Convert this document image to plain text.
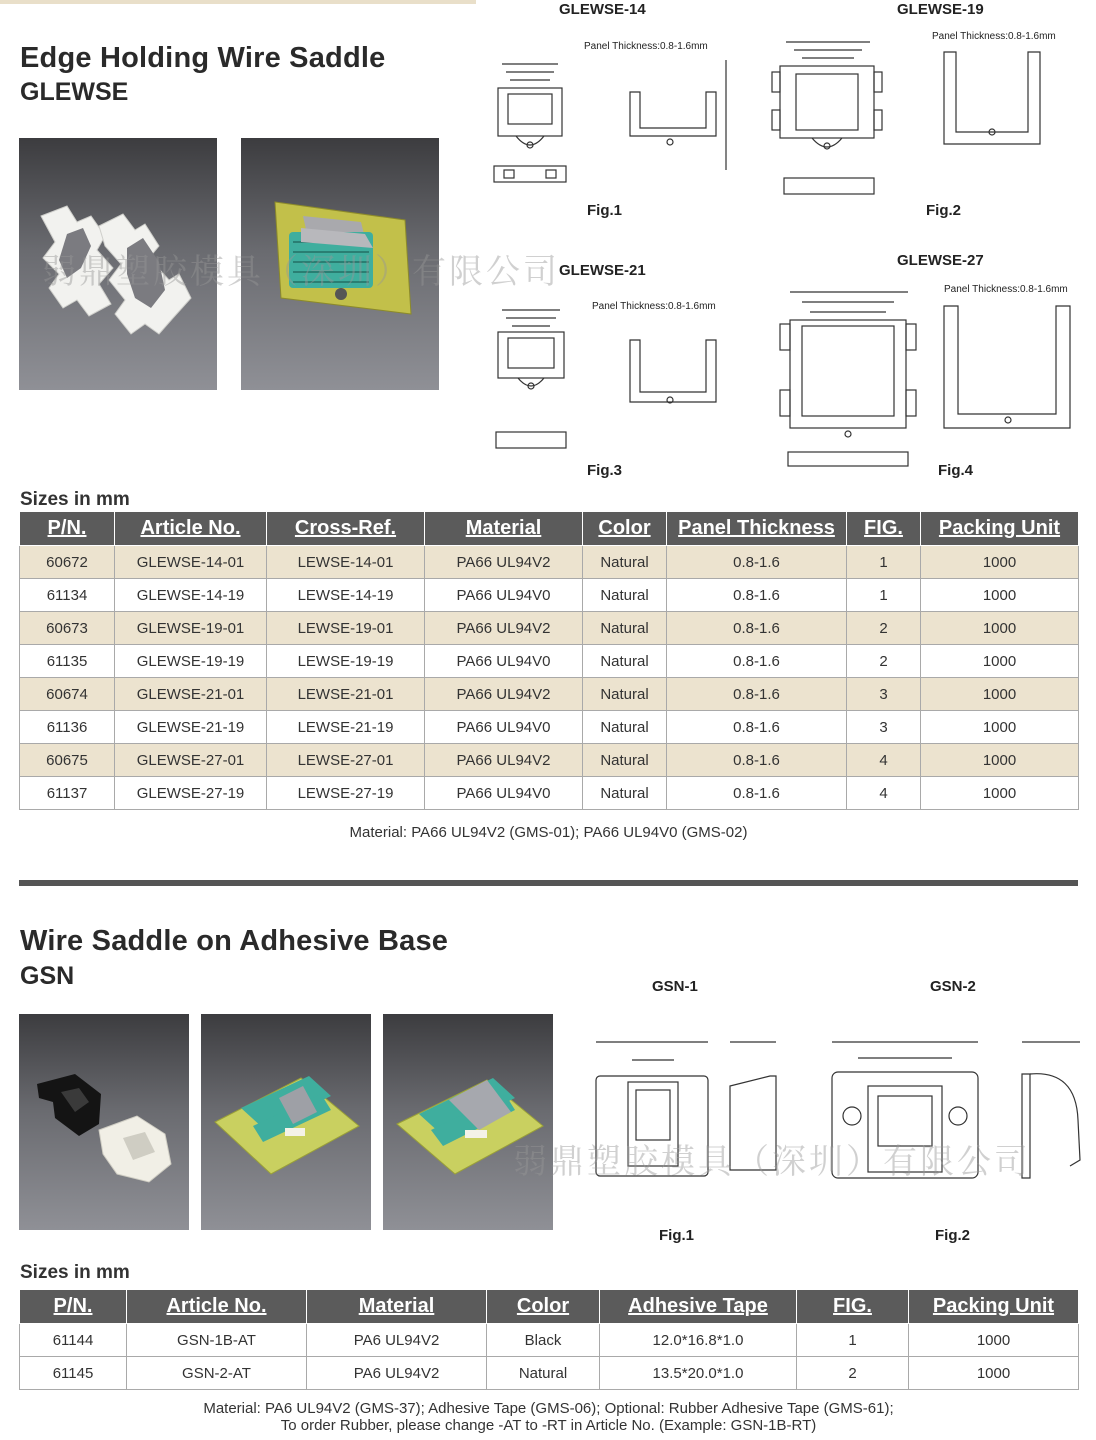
Edge Holding Wire Saddle
GLEWSE
GLEWSE-14	GLEWSE-19
GLEWSE-21
GLEWSE-27
Fig.1	Fig.2
Fig.3	Fig.4
Panel Thickness:0.8-1.6mm
Panel Thickness:0.8-1.6mm
Panel Thickness:0.8-1.6mm
Panel Thickness:0.8-1.6mm
弱鼎塑胶模具（深圳）有限公司
Sizes in mm
P/N.	Article No.	Cross-Ref.	Material	Color	Panel Thickness	FIG.	Packing Unit
60672	GLEWSE-14-01	LEWSE-14-01	PA66 UL94V2	Natural	0.8-1.6	1	1000
61134	GLEWSE-14-19	LEWSE-14-19	PA66 UL94V0	Natural	0.8-1.6	1	1000
60673	GLEWSE-19-01	LEWSE-19-01	PA66 UL94V2	Natural	0.8-1.6	2	1000
61135	GLEWSE-19-19	LEWSE-19-19	PA66 UL94V0	Natural	0.8-1.6	2	1000
60674	GLEWSE-21-01	LEWSE-21-01	PA66 UL94V2	Natural	0.8-1.6	3	1000
61136	GLEWSE-21-19	LEWSE-21-19	PA66 UL94V0	Natural	0.8-1.6	3	1000
60675	GLEWSE-27-01	LEWSE-27-01	PA66 UL94V2	Natural	0.8-1.6	4	1000
61137	GLEWSE-27-19	LEWSE-27-19	PA66 UL94V0	Natural	0.8-1.6	4	1000
Material: PA66 UL94V2 (GMS-01); PA66 UL94V0 (GMS-02)
Wire Saddle on Adhesive Base
GSN	GSN-1	GSN-2
Fig.1	Fig.2
弱鼎塑胶模具（深圳）有限公司
Sizes in mm
P/N.	Article No.	Material	Color	Adhesive Tape	FIG.	Packing Unit
61144	GSN-1B-AT	PA6 UL94V2	Black	12.0*16.8*1.0	1	1000
61145	GSN-2-AT	PA6 UL94V2	Natural	13.5*20.0*1.0	2	1000
Material: PA6 UL94V2 (GMS-37); Adhesive Tape (GMS-06); Optional: Rubber Adhesive Tape (GMS-61);
To order Rubber, please change -AT to -RT in Article No. (Example: GSN-1B-RT)
